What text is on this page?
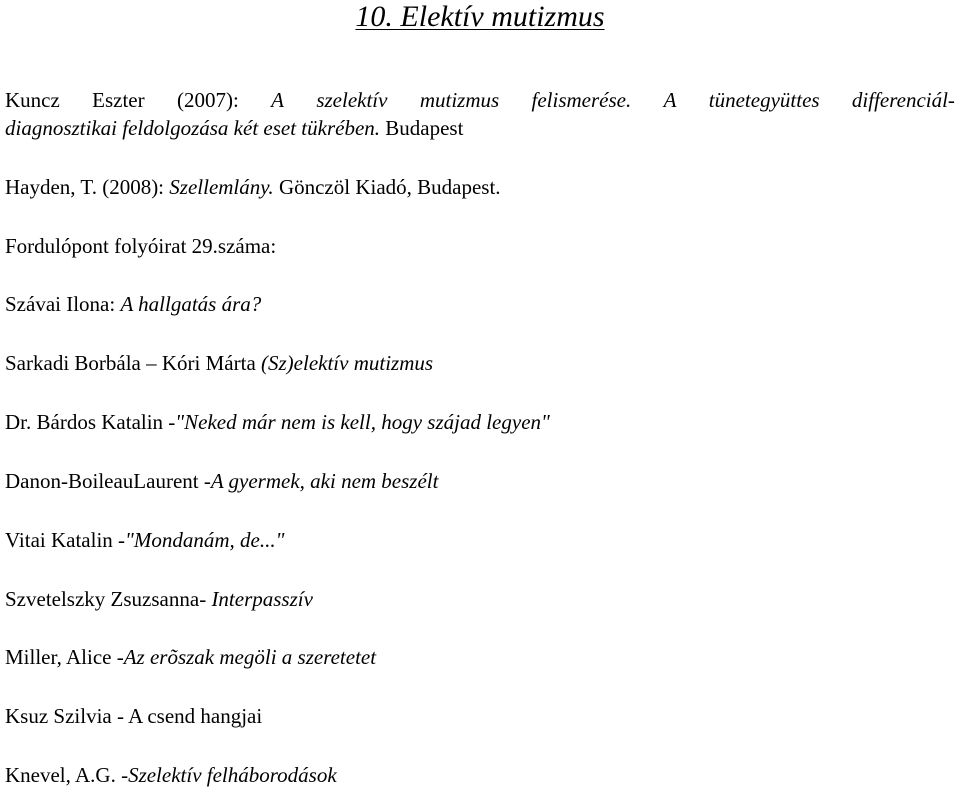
10. Elektív mutizmus
Kuncz Eszter (2007): A szelektív mutizmus felismerése. A tünetegyüttes differenciál-
diagnosztikai feldolgozása két eset tükrében. Budapest
Hayden, T. (2008): Szellemlány. Gönczöl Kiadó, Budapest.
Fordulópont folyóirat 29.száma:
Szávai Ilona: A hallgatás ára?
Sarkadi Borbála – Kóri Márta (Sz)elektív mutizmus
Dr. Bárdos Katalin -"Neked már nem is kell, hogy szájad legyen"
Danon-BoileauLaurent -A gyermek, aki nem beszélt
Vitai Katalin -"Mondanám, de..."
Szvetelszky Zsuzsanna- Interpasszív
Miller, Alice -Az erõszak megöli a szeretetet
Ksuz Szilvia - A csend hangjai
Knevel, A.G. -Szelektív felháborodások
